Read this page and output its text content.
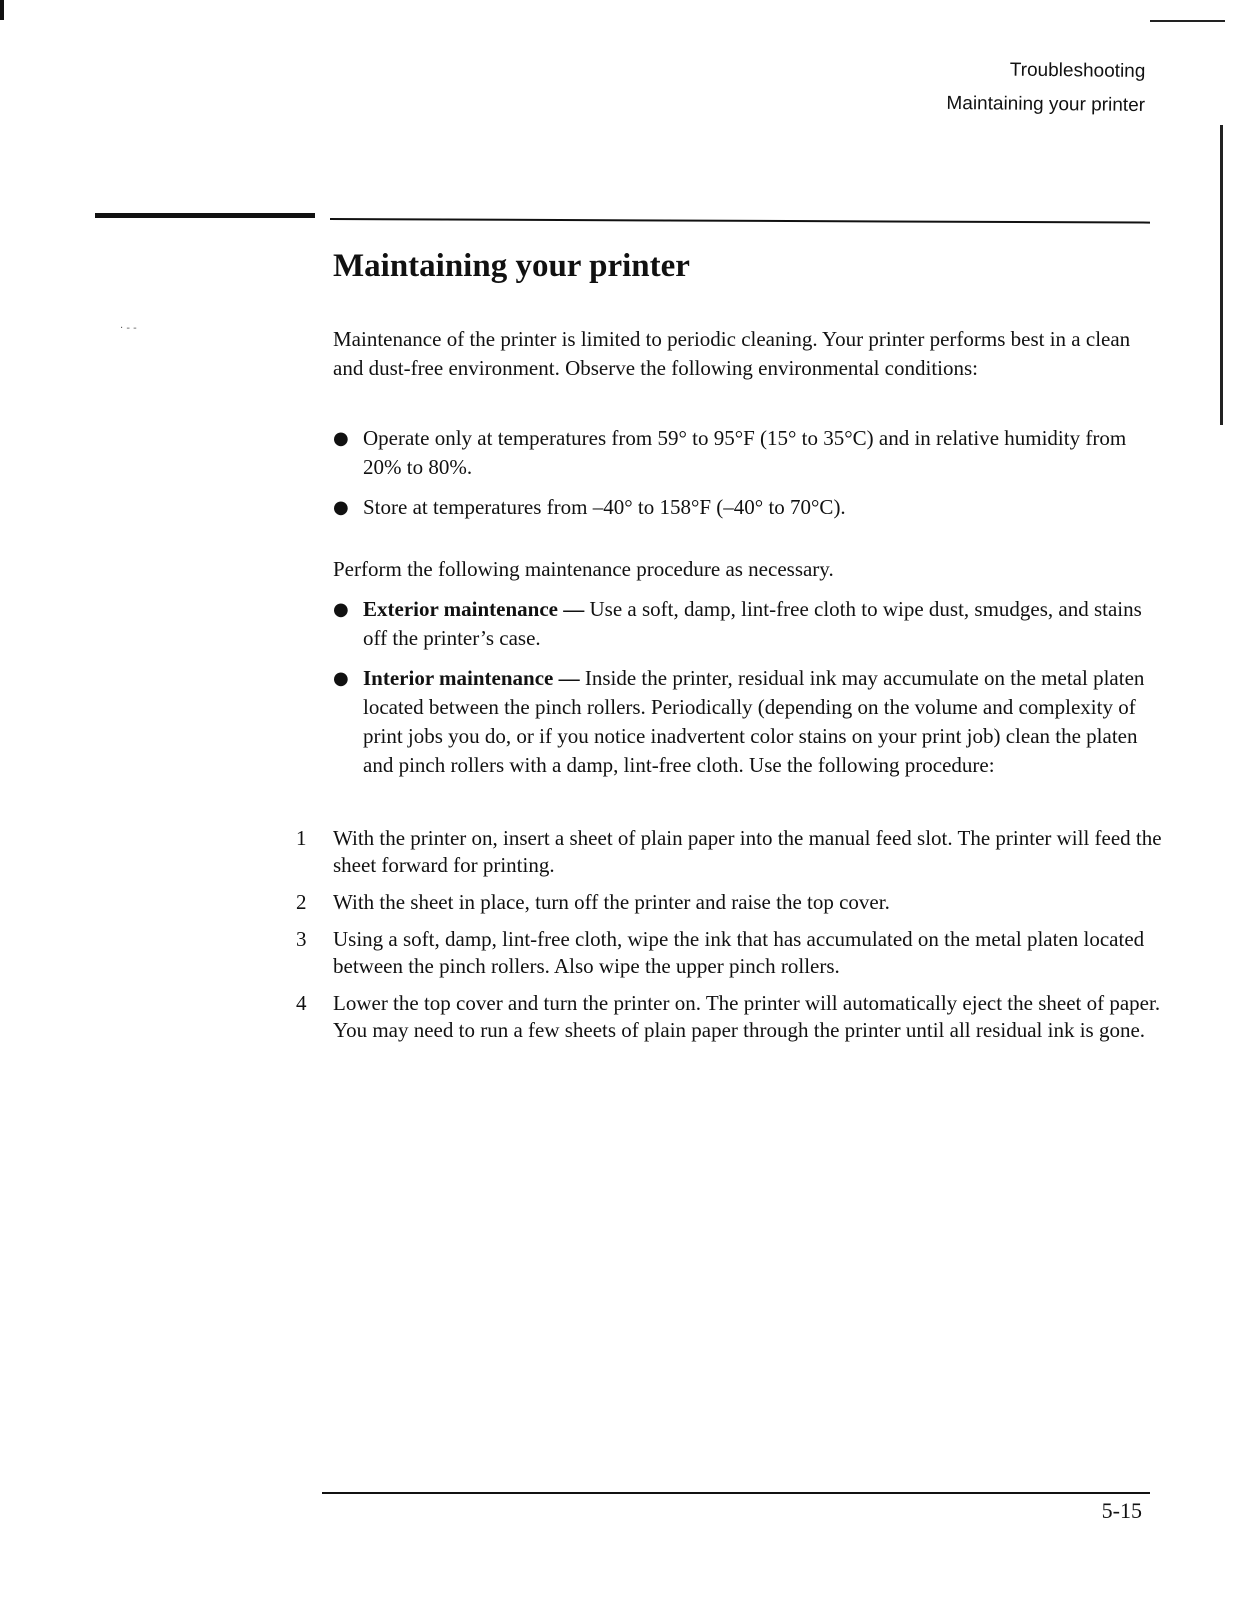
· - -
Troubleshooting
Maintaining your printer
Maintaining your printer

Maintenance of the printer is limited to periodic cleaning. Your printer performs best in a clean and dust-free environment. Observe the following environmental conditions:

● Operate only at temperatures from 59° to 95°F (15° to 35°C) and in relative humidity from 20% to 80%.
● Store at temperatures from –40° to 158°F (–40° to 70°C).

Perform the following maintenance procedure as necessary.

● Exterior maintenance — Use a soft, damp, lint-free cloth to wipe dust, smudges, and stains off the printer’s case.
● Interior maintenance — Inside the printer, residual ink may accumulate on the metal platen located between the pinch rollers. Periodically (depending on the volume and complexity of print jobs you do, or if you notice inadvertent color stains on your print job) clean the platen and pinch rollers with a damp, lint-free cloth. Use the following procedure:
1 With the printer on, insert a sheet of plain paper into the manual feed slot. The printer will feed the sheet forward for printing.
2 With the sheet in place, turn off the printer and raise the top cover.
3 Using a soft, damp, lint-free cloth, wipe the ink that has accumulated on the metal platen located between the pinch rollers. Also wipe the upper pinch rollers.
4 Lower the top cover and turn the printer on. The printer will automatically eject the sheet of paper. You may need to run a few sheets of plain paper through the printer until all residual ink is gone.
5-15
